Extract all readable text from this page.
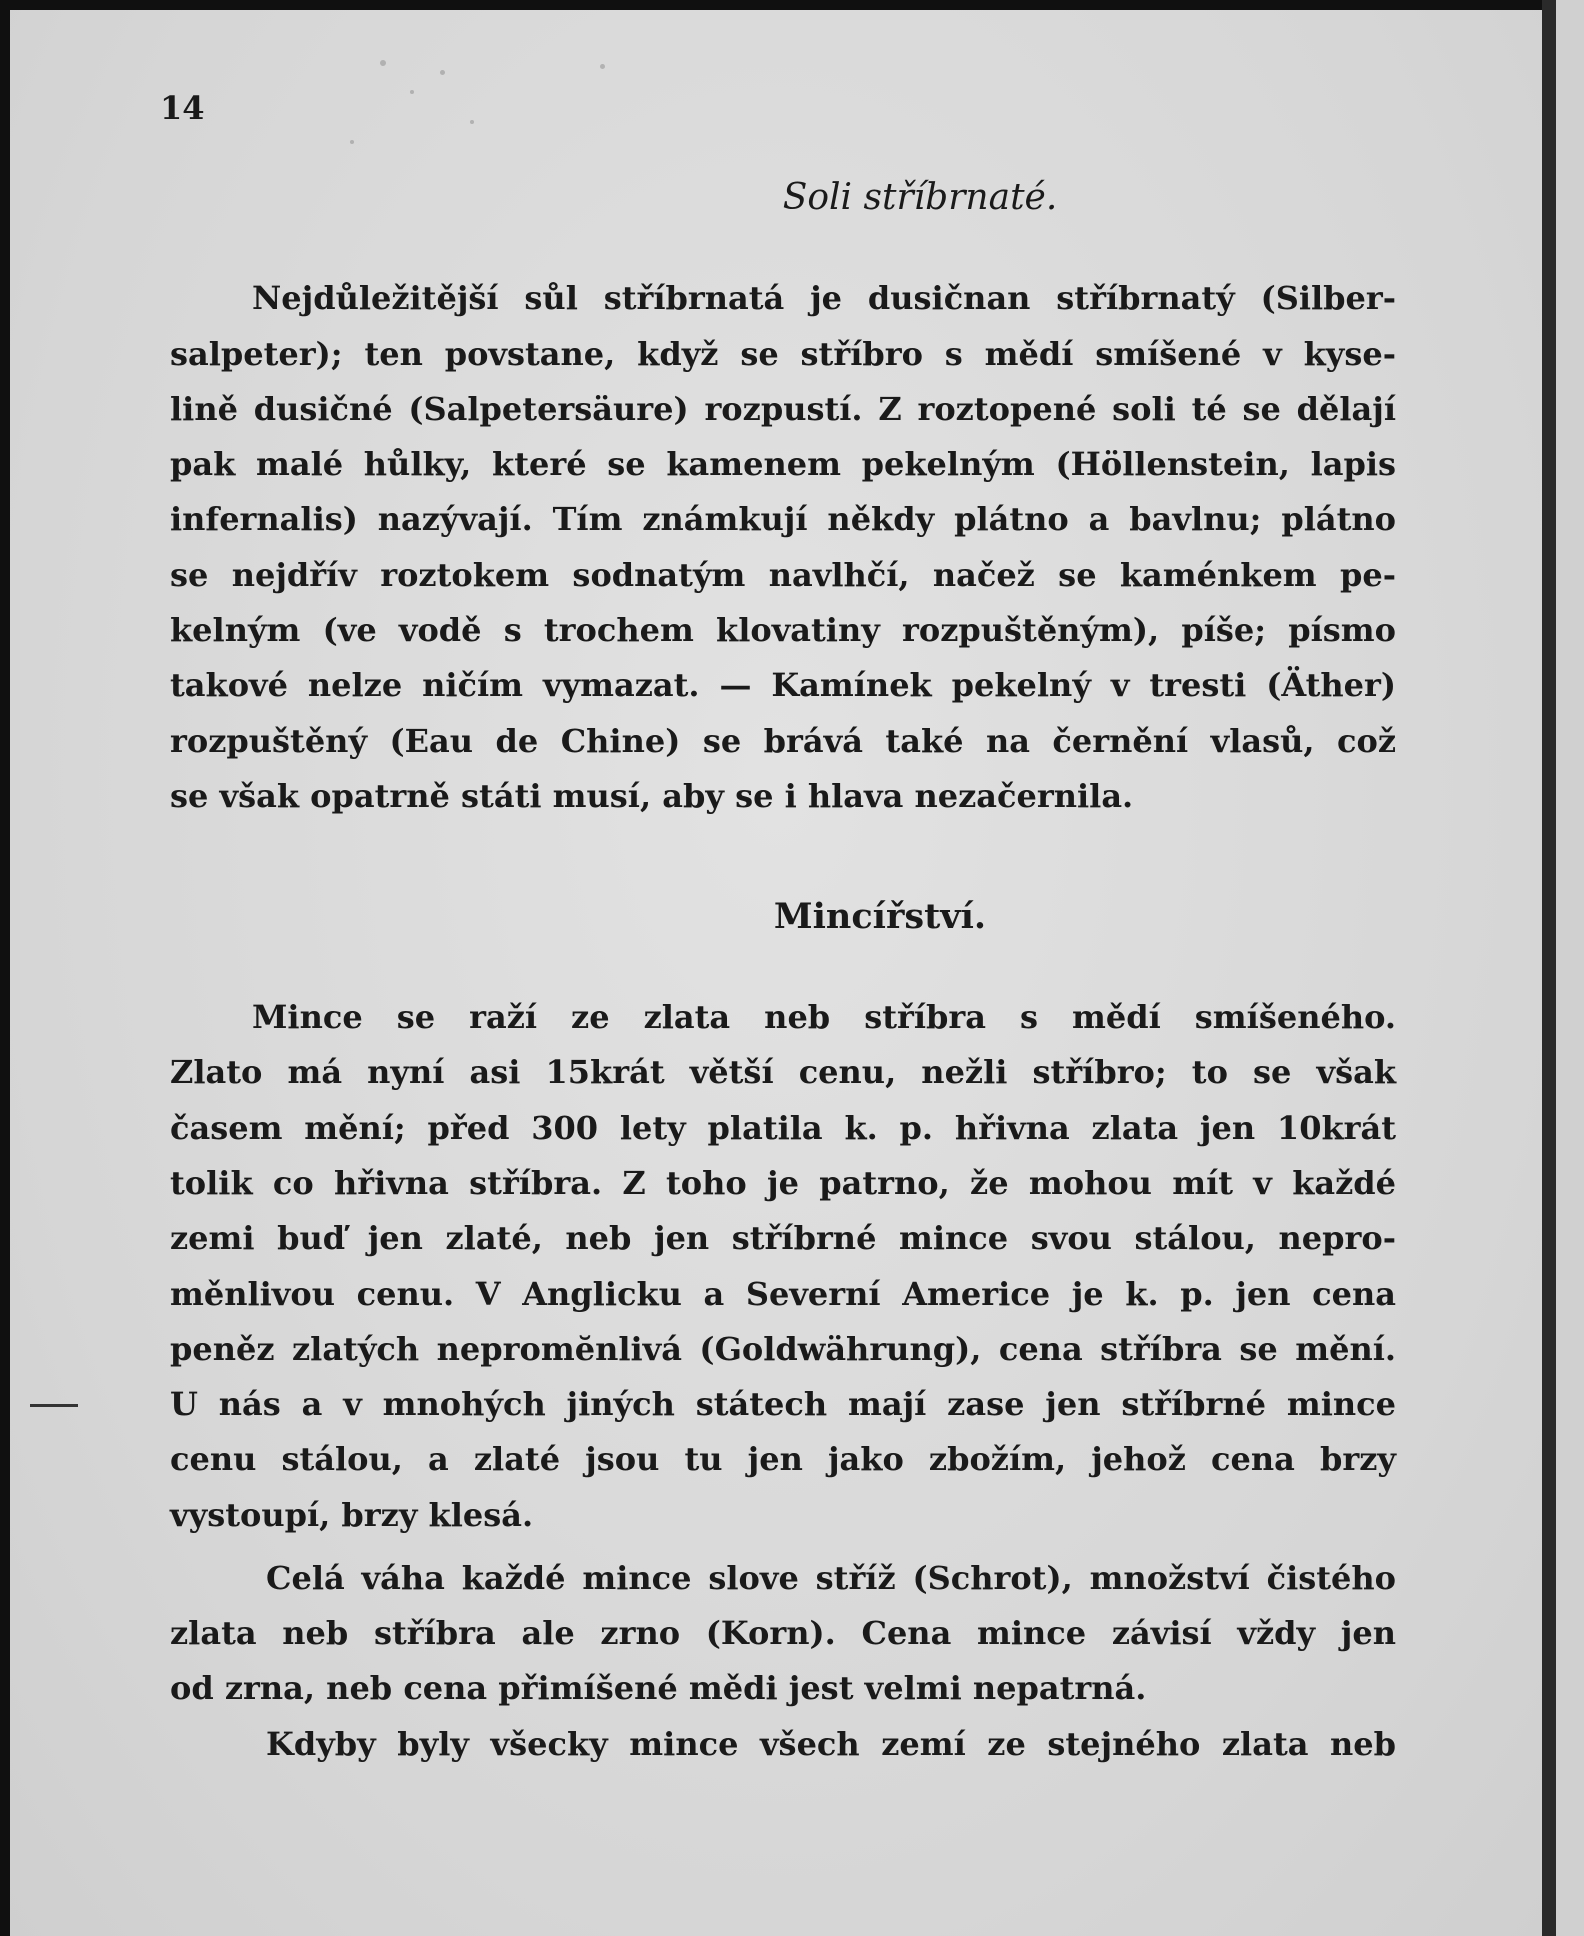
14
Soli stříbrnaté.
Nejdůležitější sůl stříbrnatá je dusičnan stříbrnatý (Silber-
salpeter); ten povstane, když se stříbro s mědí smíšené v kyse-
lině dusičné (Salpetersäure) rozpustí. Z roztopené soli té se dělají
pak malé hůlky, které se kamenem pekelným (Höllenstein, lapis
infernalis) nazývají. Tím známkují někdy plátno a bavlnu; plátno
se nejdřív roztokem sodnatým navlhčí, načež se kaménkem pe-
kelným (ve vodě s trochem klovatiny rozpuštěným), píše; písmo
takové nelze ničím vymazat. — Kamínek pekelný v tresti (Äther)
rozpuštěný (Eau de Chine) se brává také na černění vlasů, což
se však opatrně státi musí, aby se i hlava nezačernila.
Mincířství.
Mince se raží ze zlata neb stříbra s mědí smíšeného.
Zlato má nyní asi 15krát větší cenu, nežli stříbro; to se však
časem mění; před 300 lety platila k. p. hřivna zlata jen 10krát
tolik co hřivna stříbra. Z toho je patrno, že mohou mít v každé
zemi buď jen zlaté, neb jen stříbrné mince svou stálou, nepro-
měnlivou cenu. V Anglicku a Severní Americe je k. p. jen cena
peněz zlatých nepromĕnlivá (Goldwährung), cena stříbra se mění.
U nás a v mnohých jiných státech mají zase jen stříbrné mince
cenu stálou, a zlaté jsou tu jen jako zbožím, jehož cena brzy
vystoupí, brzy klesá.
Celá váha každé mince slove stříž (Schrot), množství čistého
zlata neb stříbra ale zrno (Korn). Cena mince závisí vždy jen
od zrna, neb cena přimíšené mědi jest velmi nepatrná.
Kdyby byly všecky mince všech zemí ze stejného zlata neb
